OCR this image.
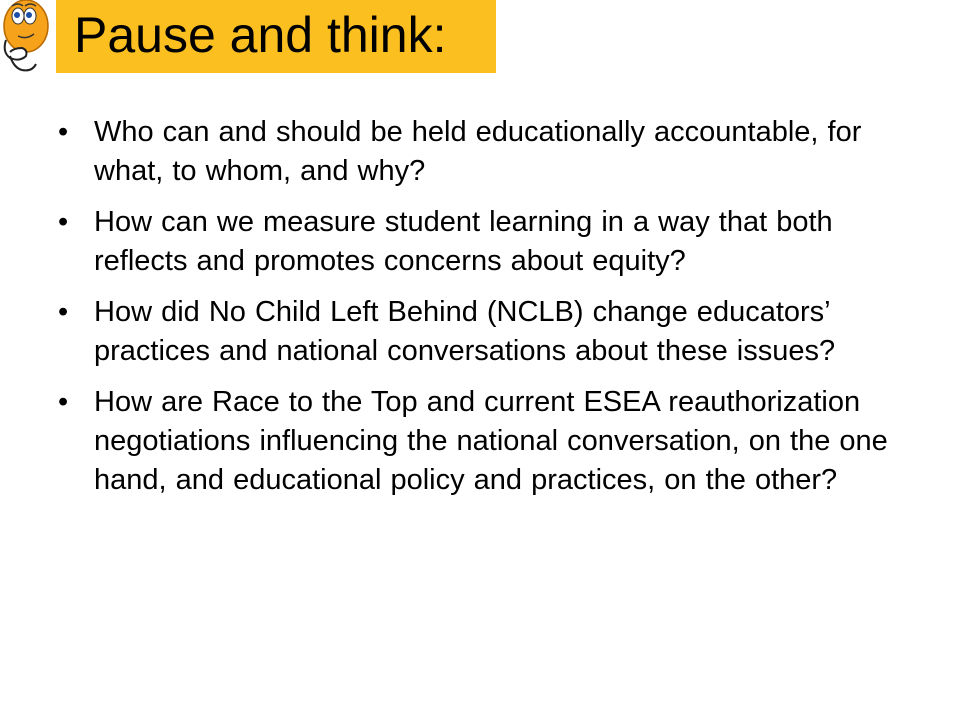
Pause and think:
• Who can and should be held educationally accountable, for what, to whom, and why?
• How can we measure student learning in a way that both reflects and promotes concerns about equity?
• How did No Child Left Behind (NCLB) change educators’ practices and national conversations about these issues?
• How are Race to the Top and current ESEA reauthorization negotiations influencing the national conversation, on the one hand, and educational policy and practices, on the other?
